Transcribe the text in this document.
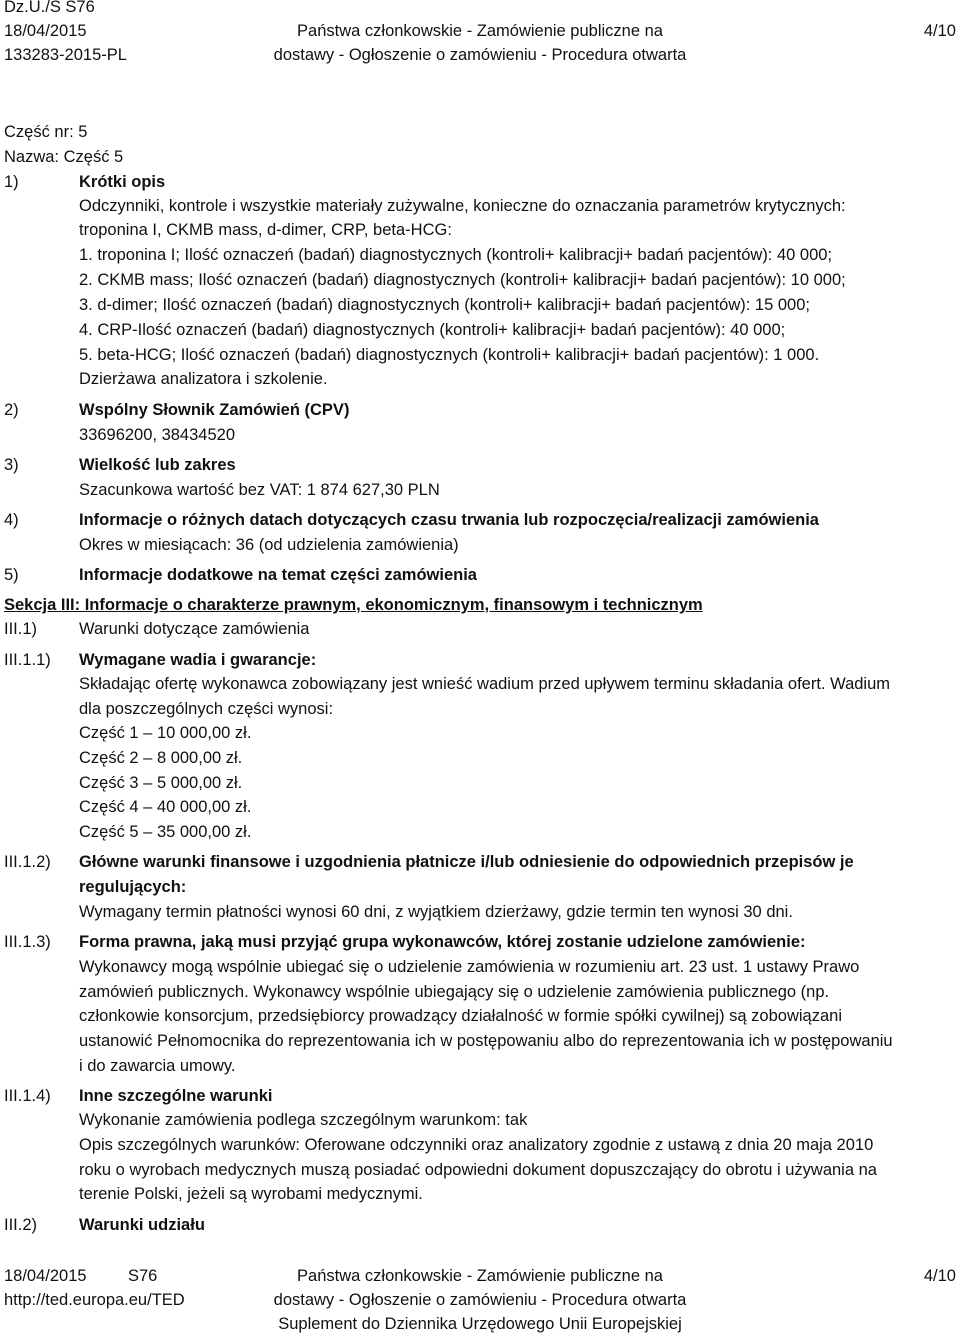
Dz.U./S S76
18/04/2015
133283-2015-PL
Państwa członkowskie - Zamówienie publiczne na
dostawy - Ogłoszenie o zamówieniu - Procedura otwarta
4/10
Część nr: 5
Nazwa: Część 5
1)	Krótki opis
Odczynniki, kontrole i wszystkie materiały zużywalne, konieczne do oznaczania parametrów krytycznych:
troponina I, CKMB mass, d-dimer, CRP, beta-HCG:
1. troponina I; Ilość oznaczeń (badań) diagnostycznych (kontroli+ kalibracji+ badań pacjentów): 40 000;
2. CKMB mass; Ilość oznaczeń (badań) diagnostycznych (kontroli+ kalibracji+ badań pacjentów): 10 000;
3. d-dimer; Ilość oznaczeń (badań) diagnostycznych (kontroli+ kalibracji+ badań pacjentów): 15 000;
4. CRP-Ilość oznaczeń (badań) diagnostycznych (kontroli+ kalibracji+ badań pacjentów): 40 000;
5. beta-HCG; Ilość oznaczeń (badań) diagnostycznych (kontroli+ kalibracji+ badań pacjentów): 1 000.
Dzierżawa analizatora i szkolenie.
2)	Wspólny Słownik Zamówień (CPV)
33696200, 38434520
3)	Wielkość lub zakres
Szacunkowa wartość bez VAT: 1 874 627,30 PLN
4)	Informacje o różnych datach dotyczących czasu trwania lub rozpoczęcia/realizacji zamówienia
Okres w miesiącach: 36 (od udzielenia zamówienia)
5)	Informacje dodatkowe na temat części zamówienia
Sekcja III: Informacje o charakterze prawnym, ekonomicznym, finansowym i technicznym
III.1)	Warunki dotyczące zamówienia
III.1.1) Wymagane wadia i gwarancje:
Składając ofertę wykonawca zobowiązany jest wnieść wadium przed upływem terminu składania ofert. Wadium
dla poszczególnych części wynosi:
Część 1 – 10 000,00 zł.
Część 2 – 8 000,00 zł.
Część 3 – 5 000,00 zł.
Część 4 – 40 000,00 zł.
Część 5 – 35 000,00 zł.
III.1.2) Główne warunki finansowe i uzgodnienia płatnicze i/lub odniesienie do odpowiednich przepisów je
regulujących:
Wymagany termin płatności wynosi 60 dni, z wyjątkiem dzierżawy, gdzie termin ten wynosi 30 dni.
III.1.3) Forma prawna, jaką musi przyjąć grupa wykonawców, której zostanie udzielone zamówienie:
Wykonawcy mogą wspólnie ubiegać się o udzielenie zamówienia w rozumieniu art. 23 ust. 1 ustawy Prawo
zamówień publicznych. Wykonawcy wspólnie ubiegający się o udzielenie zamówienia publicznego (np.
członkowie konsorcjum, przedsiębiorcy prowadzący działalność w formie spółki cywilnej) są zobowiązani
ustanowić Pełnomocnika do reprezentowania ich w postępowaniu albo do reprezentowania ich w postępowaniu
i do zawarcia umowy.
III.1.4) Inne szczególne warunki
Wykonanie zamówienia podlega szczególnym warunkom: tak
Opis szczególnych warunków: Oferowane odczynniki oraz analizatory zgodnie z ustawą z dnia 20 maja 2010
roku o wyrobach medycznych muszą posiadać odpowiedni dokument dopuszczający do obrotu i używania na
terenie Polski, jeżeli są wyrobami medycznymi.
III.2)	Warunki udziału
18/04/2015	S76
http://ted.europa.eu/TED
Państwa członkowskie - Zamówienie publiczne na
dostawy - Ogłoszenie o zamówieniu - Procedura otwarta
Suplement do Dziennika Urzędowego Unii Europejskiej
4/10
